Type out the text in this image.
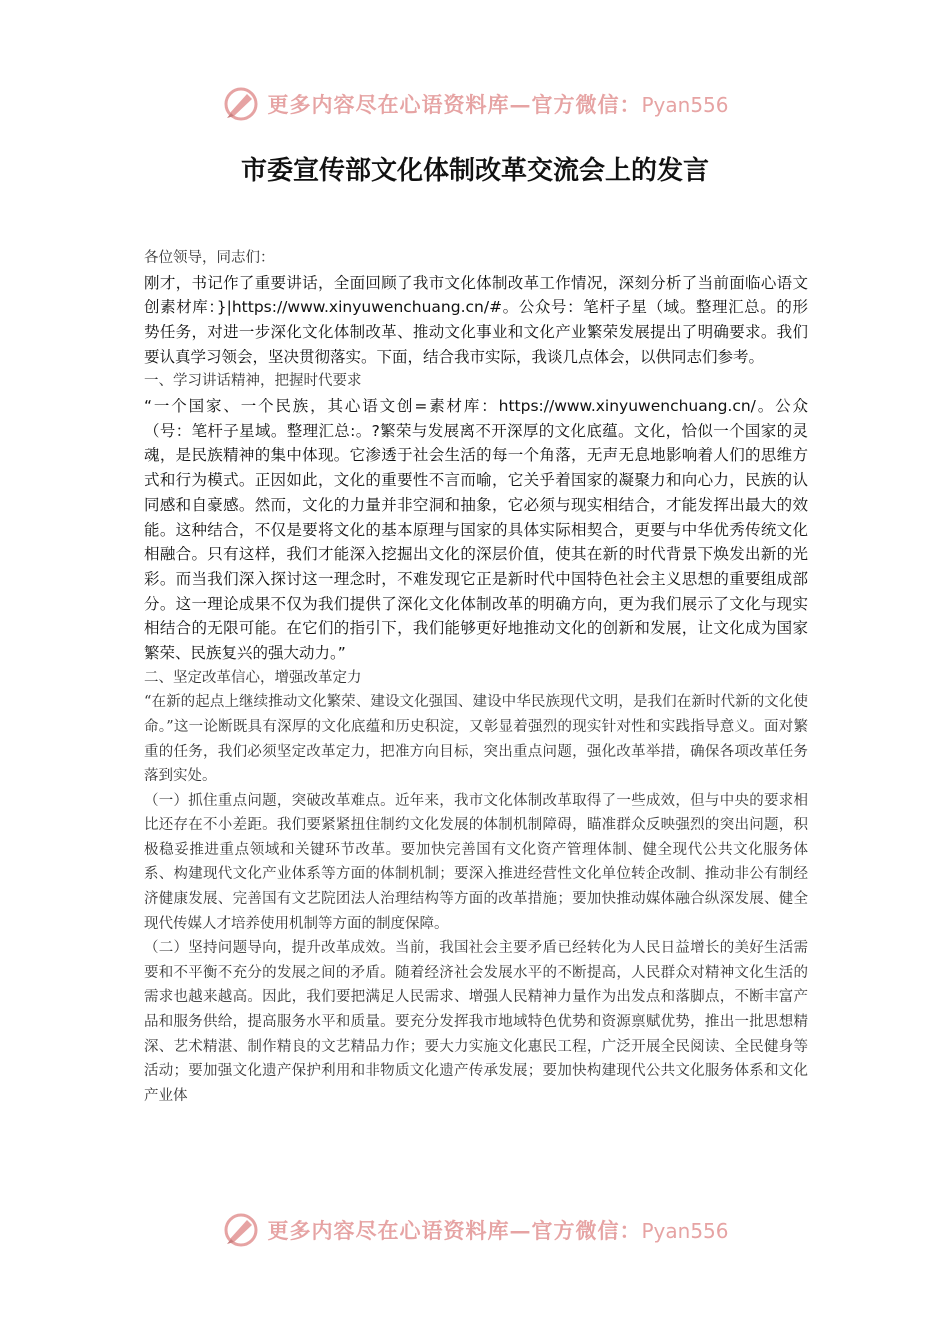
更多内容尽在心语资料库—官方微信：Pyan556
市委宣传部文化体制改革交流会上的发言

各位领导，同志们：

刚才，书记作了重要讲话，全面回顾了我市文化体制改革工作情况，深刻分析了当前面临心语文创素材库：}|https://www.xinyuwenchuang.cn/#。公众号：笔杆子星（域。整理汇总。的形势任务，对进一步深化文化体制改革、推动文化事业和文化产业繁荣发展提出了明确要求。我们要认真学习领会，坚决贯彻落实。下面，结合我市实际，我谈几点体会，以供同志们参考。

一、学习讲话精神，把握时代要求

“一个国家、一个民族，其心语文创=素材库：https://www.xinyuwenchuang.cn/。公众（号：笔杆子星域。整理汇总:。?繁荣与发展离不开深厚的文化底蕴。文化，恰似一个国家的灵魂，是民族精神的集中体现。它渗透于社会生活的每一个角落，无声无息地影响着人们的思维方式和行为模式。正因如此，文化的重要性不言而喻，它关乎着国家的凝聚力和向心力，民族的认同感和自豪感。然而，文化的力量并非空洞和抽象，它必须与现实相结合，才能发挥出最大的效能。这种结合，不仅是要将文化的基本原理与国家的具体实际相契合，更要与中华优秀传统文化相融合。只有这样，我们才能深入挖掘出文化的深层价值，使其在新的时代背景下焕发出新的光彩。而当我们深入探讨这一理念时，不难发现它正是新时代中国特色社会主义思想的重要组成部分。这一理论成果不仅为我们提供了深化文化体制改革的明确方向，更为我们展示了文化与现实相结合的无限可能。在它们的指引下，我们能够更好地推动文化的创新和发展，让文化成为国家繁荣、民族复兴的强大动力。”

二、坚定改革信心，增强改革定力

“在新的起点上继续推动文化繁荣、建设文化强国、建设中华民族现代文明，是我们在新时代新的文化使命。”这一论断既具有深厚的文化底蕴和历史积淀，又彰显着强烈的现实针对性和实践指导意义。面对繁重的任务，我们必须坚定改革定力，把准方向目标，突出重点问题，强化改革举措，确保各项改革任务落到实处。

（一）抓住重点问题，突破改革难点。近年来，我市文化体制改革取得了一些成效，但与中央的要求相比还存在不小差距。我们要紧紧扭住制约文化发展的体制机制障碍，瞄准群众反映强烈的突出问题，积极稳妥推进重点领域和关键环节改革。要加快完善国有文化资产管理体制、健全现代公共文化服务体系、构建现代文化产业体系等方面的体制机制；要深入推进经营性文化单位转企改制、推动非公有制经济健康发展、完善国有文艺院团法人治理结构等方面的改革措施；要加快推动媒体融合纵深发展、健全现代传媒人才培养使用机制等方面的制度保障。

（二）坚持问题导向，提升改革成效。当前，我国社会主要矛盾已经转化为人民日益增长的美好生活需要和不平衡不充分的发展之间的矛盾。随着经济社会发展水平的不断提高，人民群众对精神文化生活的需求也越来越高。因此，我们要把满足人民需求、增强人民精神力量作为出发点和落脚点，不断丰富产品和服务供给，提高服务水平和质量。要充分发挥我市地域特色优势和资源禀赋优势，推出一批思想精深、艺术精湛、制作精良的文艺精品力作；要大力实施文化惠民工程，广泛开展全民阅读、全民健身等活动；要加强文化遗产保护利用和非物质文化遗产传承发展；要加快构建现代公共文化服务体系和文化产业体

更多内容尽在心语资料库—官方微信：Pyan556
